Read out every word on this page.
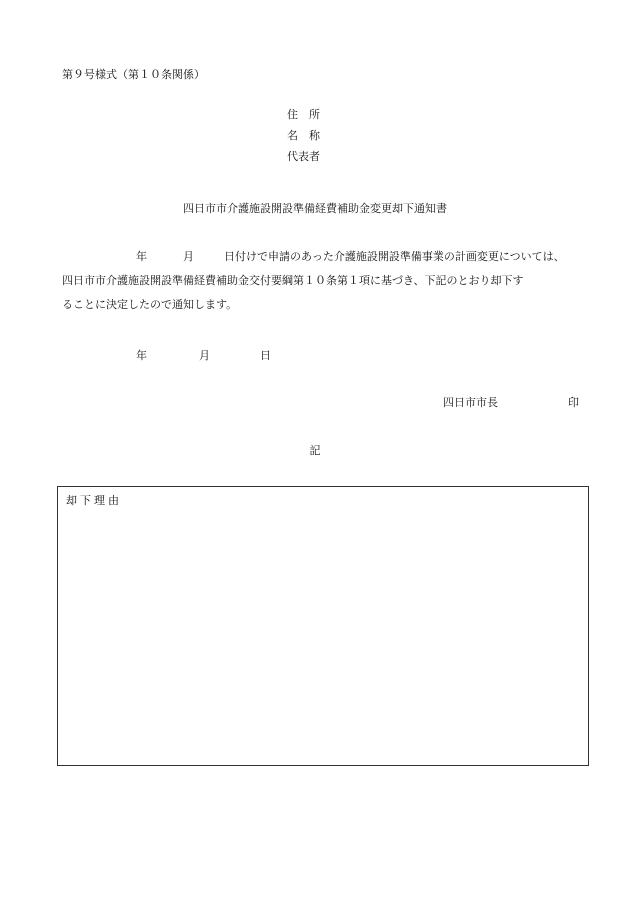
第９号様式（第１０条関係）
住　所
名　称
代表者
四日市市介護施設開設準備経費補助金変更却下通知書
年	月	日付けで申請のあった介護施設開設準備事業の計画変更については、
四日市市介護施設開設準備経費補助金交付要綱第１０条第１項に基づき、下記のとおり却下す
ることに決定したので通知します。
年	月	日
四日市市長	印
記
却下理由
